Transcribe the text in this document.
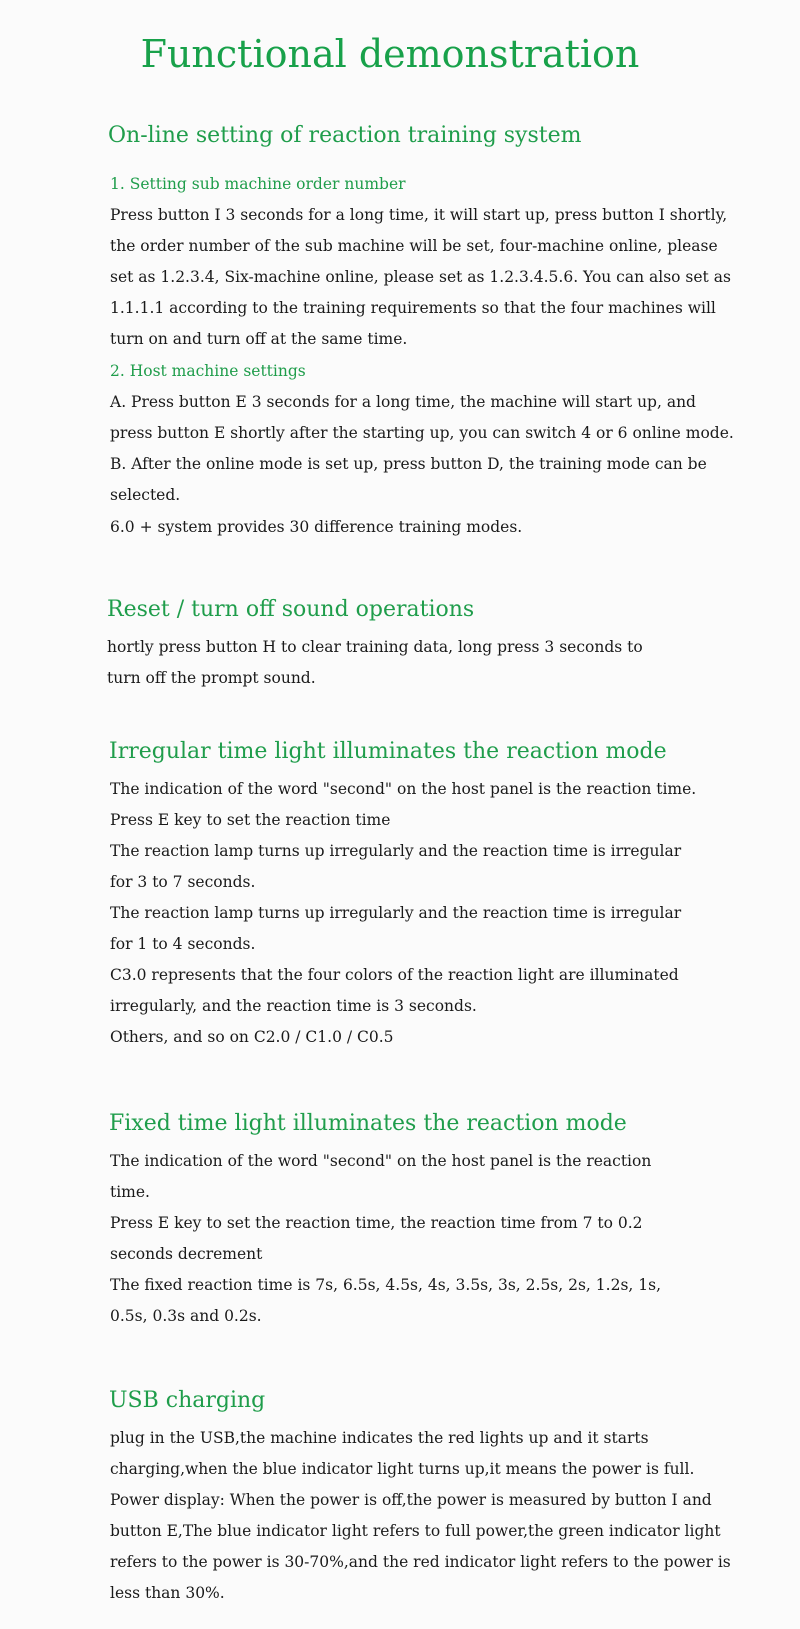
Functional demonstration
On-line setting of reaction training system

1. Setting sub machine order number

Press button I 3 seconds for a long time, it will start up, press button I shortly,

the order number of the sub machine will be set, four-machine online, please

set as 1.2.3.4, Six-machine online, please set as 1.2.3.4.5.6. You can also set as

1.1.1.1 according to the training requirements so that the four machines will

turn on and turn off at the same time.

2. Host machine settings

A. Press button E 3 seconds for a long time, the machine will start up, and

press button E shortly after the starting up, you can switch 4 or 6 online mode.

B. After the online mode is set up, press button D, the training mode can be

selected.

6.0 + system provides 30 difference training modes.

Reset / turn off sound operations

hortly press button H to clear training data, long press 3 seconds to

turn off the prompt sound.

Irregular time light illuminates the reaction mode

The indication of the word "second" on the host panel is the reaction time.

Press E key to set the reaction time

The reaction lamp turns up irregularly and the reaction time is irregular

for 3 to 7 seconds.

The reaction lamp turns up irregularly and the reaction time is irregular

for 1 to 4 seconds.

C3.0 represents that the four colors of the reaction light are illuminated

irregularly, and the reaction time is 3 seconds.

Others, and so on C2.0 / C1.0 / C0.5

Fixed time light illuminates the reaction mode

The indication of the word "second" on the host panel is the reaction

time.

Press E key to set the reaction time, the reaction time from 7 to 0.2

seconds decrement

The fixed reaction time is 7s, 6.5s, 4.5s, 4s, 3.5s, 3s, 2.5s, 2s, 1.2s, 1s,

0.5s, 0.3s and 0.2s.

USB charging

plug in the USB,the machine indicates the red lights up and it starts

charging,when the blue indicator light turns up,it means the power is full.

Power display: When the power is off,the power is measured by button I and

button E,The blue indicator light refers to full power,the green indicator light

refers to the power is 30-70%,and the red indicator light refers to the power is

less than 30%.
